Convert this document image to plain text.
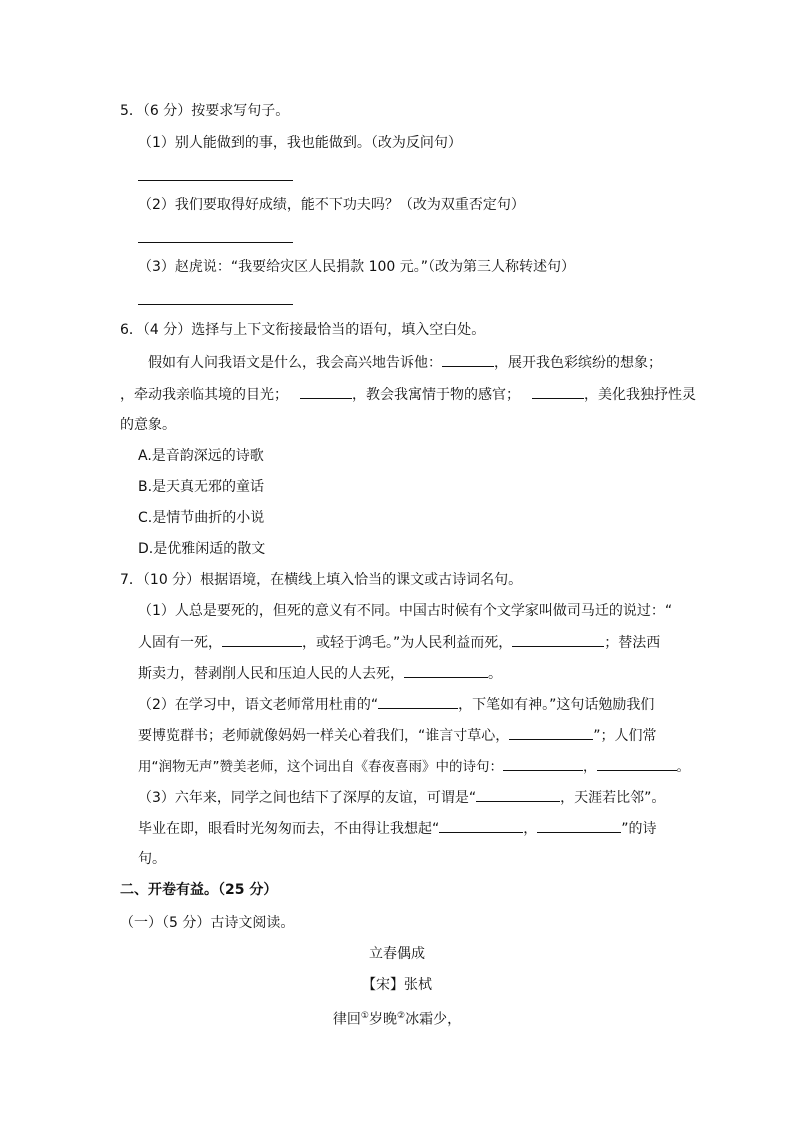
5．（6 分）按要求写句子。
（1）别人能做到的事，我也能做到。（改为反问句）
（2）我们要取得好成绩，能不下功夫吗？（改为双重否定句）
（3）赵虎说：“我要给灾区人民捐款 100 元。”（改为第三人称转述句）
6．（4 分）选择与上下文衔接最恰当的语句，填入空白处。
假如有人问我语文是什么，我会高兴地告诉他：	，展开我色彩缤纷的想象；
，牵动我亲临其境的目光；	，教会我寓情于物的感官；	，美化我独抒性灵
的意象。
A.是音韵深远的诗歌
B.是天真无邪的童话
C.是情节曲折的小说
D.是优雅闲适的散文
7．（10 分）根据语境，在横线上填入恰当的课文或古诗词名句。
（1）人总是要死的，但死的意义有不同。中国古时候有个文学家叫做司马迁的说过：“
人固有一死，	，或轻于鸿毛。”为人民利益而死，	；替法西
斯卖力，替剥削人民和压迫人民的人去死，	。
（2）在学习中，语文老师常用杜甫的“	，下笔如有神。”这句话勉励我们
要博览群书；老师就像妈妈一样关心着我们，“谁言寸草心，	”；人们常
用“润物无声”赞美老师，这个词出自《春夜喜雨》中的诗句：	，	。
（3）六年来，同学之间也结下了深厚的友谊，可谓是“	，天涯若比邻”。
毕业在即，眼看时光匆匆而去，不由得让我想起“	，	”的诗
句。
二、开卷有益。（25 分）
（一）（5 分）古诗文阅读。
立春偶成
【宋】张栻
律回①岁晚②冰霜少，
